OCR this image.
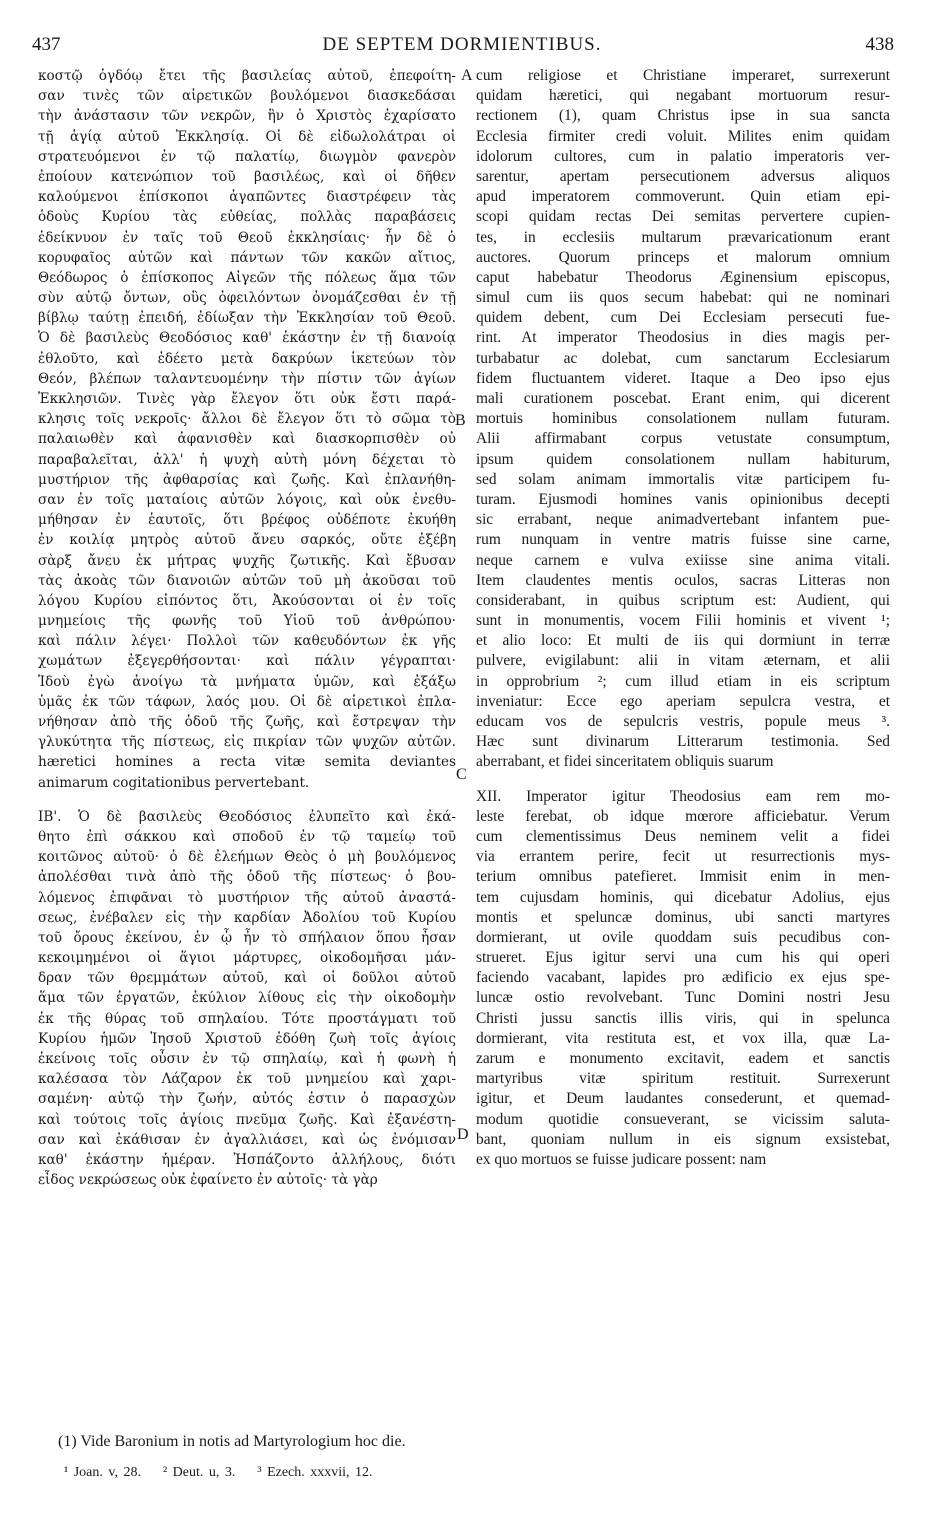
437	DE SEPTEM DORMIENTIBUS.	438
κοστῷ ὀγδόῳ ἔτει τῆς βασιλείας αὐτοῦ, ἐπεφοίτη-
σαν τινὲς τῶν αἱρετικῶν βουλόμενοι διασκεδάσαι
τὴν ἀνάστασιν τῶν νεκρῶν, ἣν ὁ Χριστὸς ἐχαρίσατο
τῇ ἁγίᾳ αὐτοῦ Ἐκκλησίᾳ. Οἱ δὲ εἰδωλολάτραι οἱ
στρατευόμενοι ἐν τῷ παλατίῳ, διωγμὸν φανερὸν
ἐποίουν κατενώπιον τοῦ βασιλέως, καὶ οἱ δῆθεν
καλούμενοι ἐπίσκοποι ἀγαπῶντες διαστρέφειν τὰς
ὁδοὺς Κυρίου τὰς εὐθείας, πολλὰς παραβάσεις
ἐδείκνυον ἐν ταῖς τοῦ Θεοῦ ἐκκλησίαις· ἦν δὲ ὁ
κορυφαῖος αὐτῶν καὶ πάντων τῶν κακῶν αἴτιος,
Θεόδωρος ὁ ἐπίσκοπος Αἰγεῶν τῆς πόλεως ἅμα τῶν
σὺν αὐτῷ ὄντων, οὓς ὀφειλόντων ὀνομάζεσθαι ἐν τῇ
βίβλῳ ταύτῃ ἐπειδή, ἐδίωξαν τὴν Ἐκκλησίαν τοῦ Θεοῦ.
Ὁ δὲ βασιλεὺς Θεοδόσιος καθ' ἑκάστην ἐν τῇ διανοίᾳ
ἐθλοῦτο, καὶ ἐδέετο μετὰ δακρύων ἱκετεύων τὸν
Θεόν, βλέπων ταλαντευομένην τὴν πίστιν τῶν ἁγίων
Ἐκκλησιῶν. Τινὲς γὰρ ἔλεγον ὅτι οὐκ ἔστι παρά-
κλησις τοῖς νεκροῖς· ἄλλοι δὲ ἔλεγον ὅτι τὸ σῶμα τὸ
παλαιωθὲν καὶ ἀφανισθὲν καὶ διασκορπισθὲν οὐ
παραβαλεῖται, ἀλλ' ἡ ψυχὴ αὐτὴ μόνη δέχεται τὸ
μυστήριον τῆς ἀφθαρσίας καὶ ζωῆς. Καὶ ἐπλανήθη-
σαν ἐν τοῖς ματαίοις αὐτῶν λόγοις, καὶ οὐκ ἐνεθυ-
μήθησαν ἐν ἑαυτοῖς, ὅτι βρέφος οὐδέποτε ἐκυήθη
ἐν κοιλίᾳ μητρὸς αὐτοῦ ἄνευ σαρκός, οὔτε ἐξέβη
σὰρξ ἄνευ ἐκ μήτρας ψυχῆς ζωτικῆς. Καὶ ἔβυσαν
τὰς ἀκοὰς τῶν διανοιῶν αὐτῶν τοῦ μὴ ἀκοῦσαι τοῦ
λόγου Κυρίου εἰπόντος ὅτι, Ἀκούσονται οἱ ἐν τοῖς
μνημείοις τῆς φωνῆς τοῦ Υἱοῦ τοῦ ἀνθρώπου·
καὶ πάλιν λέγει· Πολλοὶ τῶν καθευδόντων ἐκ γῆς
χωμάτων ἐξεγερθήσονται· καὶ πάλιν γέγραπται·
Ἰδοὺ ἐγὼ ἀνοίγω τὰ μνήματα ὑμῶν, καὶ ἐξάξω
ὑμᾶς ἐκ τῶν τάφων, λαός μου. Οἱ δὲ αἱρετικοὶ ἐπλα-
νήθησαν ἀπὸ τῆς ὁδοῦ τῆς ζωῆς, καὶ ἔστρεψαν τὴν
γλυκύτητα τῆς πίστεως, εἰς πικρίαν τῶν ψυχῶν αὐτῶν.
hæretici homines a recta vitæ semita deviantes
animarum cogitationibus pervertebant.
ΙΒ'. Ὁ δὲ βασιλεὺς Θεοδόσιος ἐλυπεῖτο καὶ ἐκά-
θητο ἐπὶ σάκκου καὶ σποδοῦ ἐν τῷ ταμείῳ τοῦ
κοιτῶνος αὐτοῦ· ὁ δὲ ἐλεήμων Θεὸς ὁ μὴ βουλόμενος
ἀπολέσθαι τινὰ ἀπὸ τῆς ὁδοῦ τῆς πίστεως· ὁ βου-
λόμενος ἐπιφᾶναι τὸ μυστήριον τῆς αὐτοῦ ἀναστά-
σεως, ἐνέβαλεν εἰς τὴν καρδίαν Ἀδολίου τοῦ Κυρίου
τοῦ ὄρους ἐκείνου, ἐν ᾧ ἦν τὸ σπήλαιον ὅπου ἦσαν
κεκοιμημένοι οἱ ἅγιοι μάρτυρες, οἰκοδομῆσαι μάν-
δραν τῶν θρεμμάτων αὐτοῦ, καὶ οἱ δοῦλοι αὐτοῦ
ἅμα τῶν ἐργατῶν, ἐκύλιον λίθους εἰς τὴν οἰκοδομὴν
ἐκ τῆς θύρας τοῦ σπηλαίου. Τότε προστάγματι τοῦ
Κυρίου ἡμῶν Ἰησοῦ Χριστοῦ ἐδόθη ζωὴ τοῖς ἁγίοις
ἐκείνοις τοῖς οὖσιν ἐν τῷ σπηλαίῳ, καὶ ἡ φωνὴ ἡ
καλέσασα τὸν Λάζαρον ἐκ τοῦ μνημείου καὶ χαρι-
σαμένη· αὐτῷ τὴν ζωήν, αὐτός ἐστιν ὁ παρασχὼν
καὶ τούτοις τοῖς ἁγίοις πνεῦμα ζωῆς. Καὶ ἐξανέστη-
σαν καὶ ἐκάθισαν ἐν ἀγαλλιάσει, καὶ ὡς ἐνόμισαν
καθ' ἑκάστην ἡμέραν. Ἠσπάζοντο ἀλλήλους, διότι
εἶδος νεκρώσεως οὐκ ἐφαίνετο ἐν αὐτοῖς· τὰ γὰρ
cum religiose et Christiane imperaret, surrexerunt
quidam hæretici, qui negabant mortuorum resur-
rectionem (1), quam Christus ipse in sua sancta
Ecclesia firmiter credi voluit. Milites enim quidam
idolorum cultores, cum in palatio imperatoris ver-
sarentur, apertam persecutionem adversus aliquos
apud imperatorem commoverunt. Quin etiam epi-
scopi quidam rectas Dei semitas pervertere cupien-
tes, in ecclesiis multarum prævaricationum erant
auctores. Quorum princeps et malorum omnium
caput habebatur Theodorus Æginensium episcopus,
simul cum iis quos secum habebat: qui ne nominari
quidem debent, cum Dei Ecclesiam persecuti fue-
rint. At imperator Theodosius in dies magis per-
turbabatur ac dolebat, cum sanctarum Ecclesiarum
fidem fluctuantem videret. Itaque a Deo ipso ejus
mali curationem poscebat. Erant enim, qui dicerent
mortuis hominibus consolationem nullam futuram.
Alii affirmabant corpus vetustate consumptum,
ipsum quidem consolationem nullam habiturum,
sed solam animam immortalis vitæ participem fu-
turam. Ejusmodi homines vanis opinionibus decepti
sic errabant, neque animadvertebant infantem pue-
rum nunquam in ventre matris fuisse sine carne,
neque carnem e vulva exiisse sine anima vitali.
Item claudentes mentis oculos, sacras Litteras non
considerabant, in quibus scriptum est: Audient, qui
sunt in monumentis, vocem Filii hominis et vivent ¹;
et alio loco: Et multi de iis qui dormiunt in terræ
pulvere, evigilabunt: alii in vitam æternam, et alii
in opprobrium ²; cum illud etiam in eis scriptum
inveniatur: Ecce ego aperiam sepulcra vestra, et
educam vos de sepulcris vestris, popule meus ³.
Hæc sunt divinarum Litterarum testimonia. Sed
aberrabant, et fidei sinceritatem obliquis suarum
XII. Imperator igitur Theodosius eam rem mo-
leste ferebat, ob idque mœrore afficiebatur. Verum
cum clementissimus Deus neminem velit a fidei
via errantem perire, fecit ut resurrectionis mys-
terium omnibus patefieret. Immisit enim in men-
tem cujusdam hominis, qui dicebatur Adolius, ejus
montis et speluncæ dominus, ubi sancti martyres
dormierant, ut ovile quoddam suis pecudibus con-
strueret. Ejus igitur servi una cum his qui operi
faciendo vacabant, lapides pro ædificio ex ejus spe-
luncæ ostio revolvebant. Tunc Domini nostri Jesu
Christi jussu sanctis illis viris, qui in spelunca
dormierant, vita restituta est, et vox illa, quæ La-
zarum e monumento excitavit, eadem et sanctis
martyribus vitæ spiritum restituit. Surrexerunt
igitur, et Deum laudantes consederunt, et quemad-
modum quotidie consueverant, se vicissim saluta-
bant, quoniam nullum in eis signum exsistebat,
ex quo mortuos se fuisse judicare possent: nam
A
B
C
D
(1) Vide Baronium in notis ad Martyrologium hoc die.
¹ Joan. v, 28. ² Deut. u, 3. ³ Ezech. xxxvii, 12.
